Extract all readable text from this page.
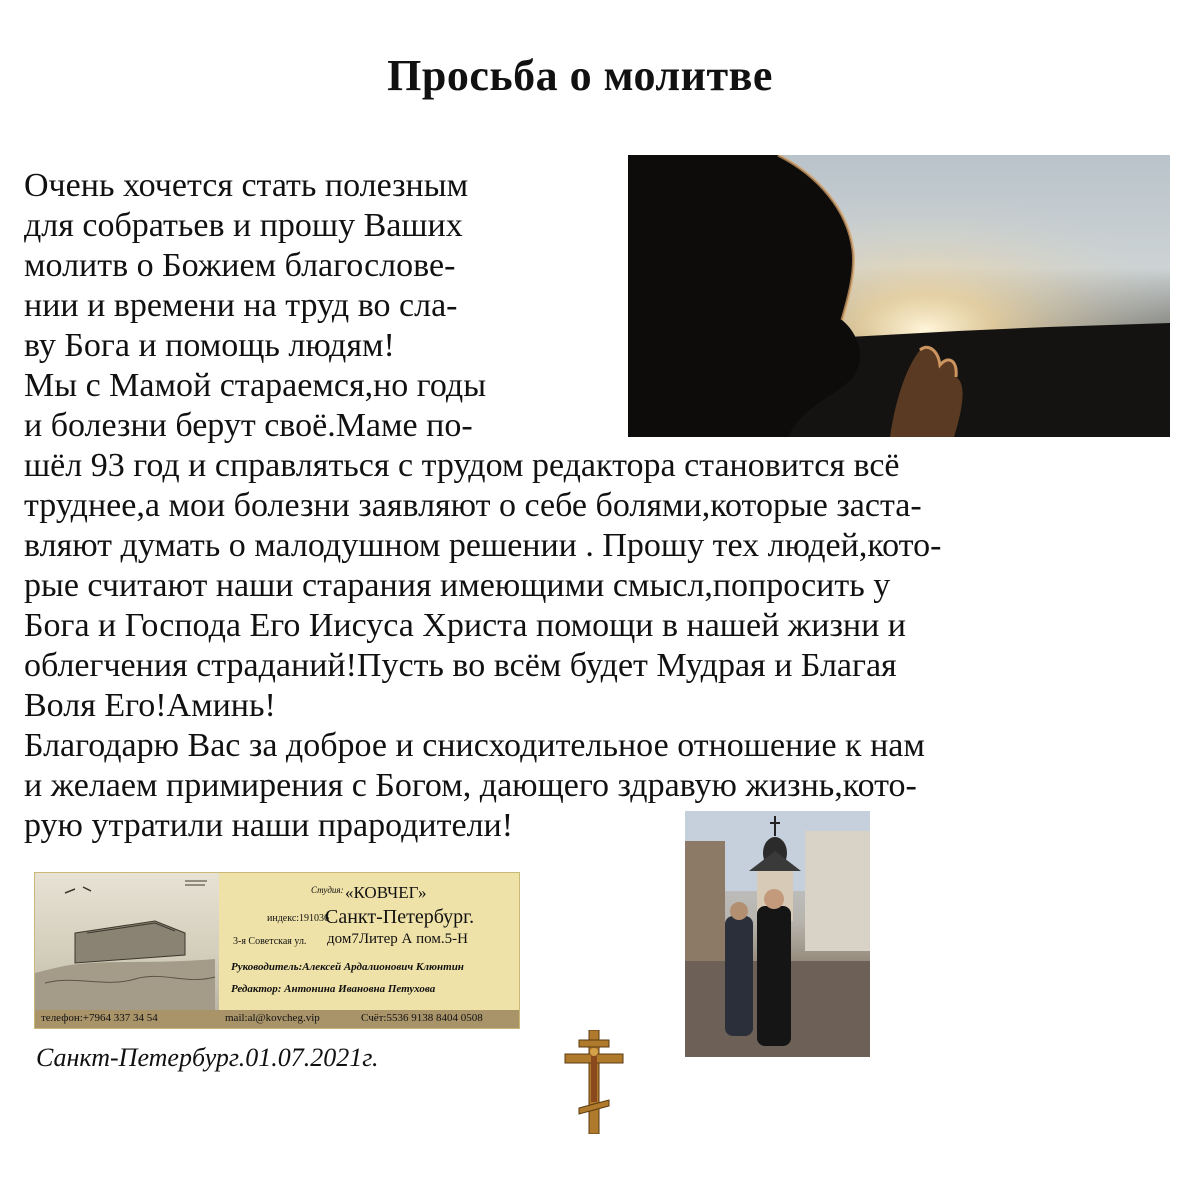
Просьба о молитве
Очень хочется стать полезным
для собратьев и прошу Ваших
молитв о Божием благослове-
нии и времени на труд во сла-
ву Бога и помощь людям!
Мы с Мамой стараемся,но годы
и болезни берут своё.Маме по-
шёл 93 год и справляться с трудом редактора становится всё
труднее,а мои болезни заявляют о себе болями,которые заста-
вляют думать о малодушном решении . Прошу тех людей,кото-
рые считают наши старания имеющими смысл,попросить у
Бога и Господа Его Иисуса Христа помощи в нашей жизни и
облегчения страданий!Пусть во всём будет Мудрая и Благая
Воля Его!Аминь!
Благодарю Вас за доброе и снисходительное отношение к нам
и желаем примирения с Богом, дающего здравую жизнь,кото-
рую утратили наши прародители!
Студия: «КОВЧЕГ»
индекс:191036
Санкт-Петербург.
3-я Советская ул. дом7Литер А пом.5-Н
Руководитель:Алексей Ардалионович Клюнтин
Редактор: Антонина Ивановна Петухова
телефон:+7964 337 34 54	mail:al@kovcheg.vip	Счёт:5536 9138 8404 0508
Санкт-Петербург.01.07.2021г.
